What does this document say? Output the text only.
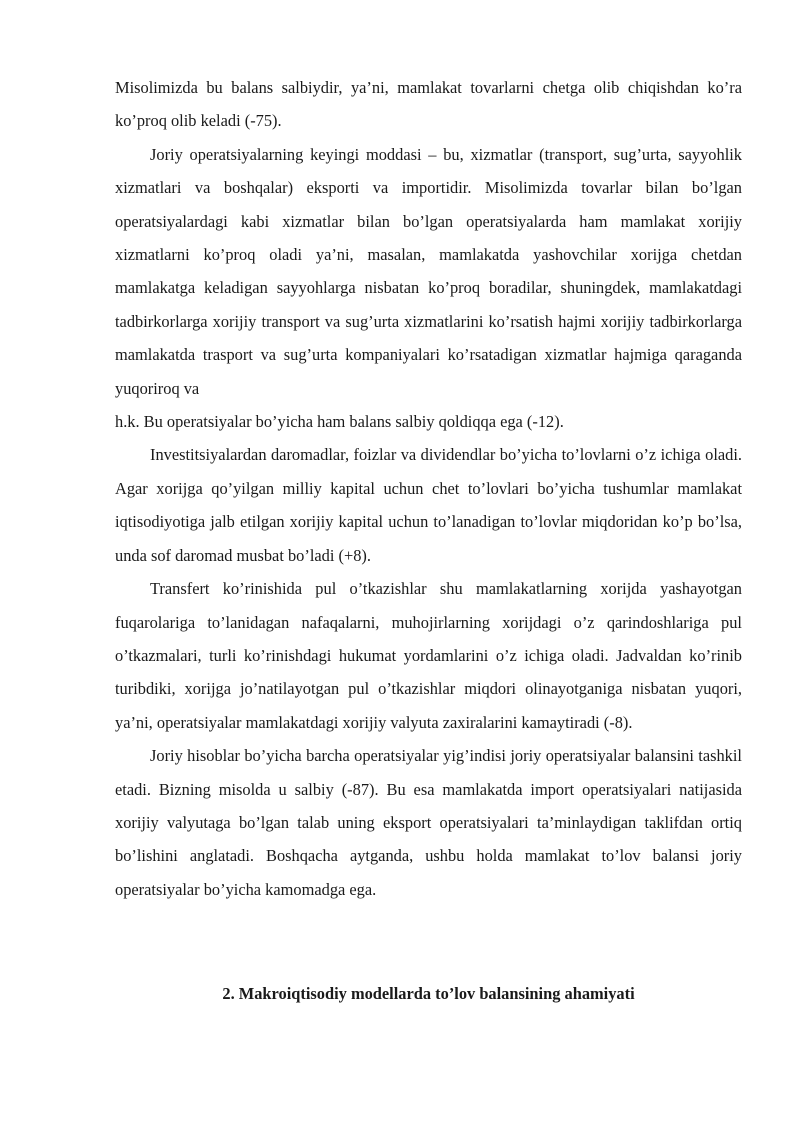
Misolimizda bu balans salbiydir, ya’ni, mamlakat tovarlarni chetga olib chiqishdan ko’ra ko’proq olib keladi (-75).

Joriy operatsiyalarning keyingi moddasi – bu, xizmatlar (transport, sug’urta, sayyohlik xizmatlari va boshqalar) eksporti va importidir. Misolimizda tovarlar bilan bo’lgan operatsiyalardagi kabi xizmatlar bilan bo’lgan operatsiyalarda ham mamlakat xorijiy xizmatlarni ko’proq oladi ya’ni, masalan, mamlakatda yashovchilar xorijga chetdan mamlakatga keladigan sayyohlarga nisbatan ko’proq boradilar, shuningdek, mamlakatdagi tadbirkorlarga xorijiy transport va sug’urta xizmatlarini ko’rsatish hajmi xorijiy tadbirkorlarga mamlakatda trasport va sug’urta kompaniyalari ko’rsatadigan xizmatlar hajmiga qaraganda yuqoriroq va

h.k. Bu operatsiyalar bo’yicha ham balans salbiy qoldiqqa ega (-12).

Investitsiyalardan daromadlar, foizlar va dividendlar bo’yicha to’lovlarni o’z ichiga oladi. Agar xorijga qo’yilgan milliy kapital uchun chet to’lovlari bo’yicha tushumlar mamlakat iqtisodiyotiga jalb etilgan xorijiy kapital uchun to’lanadigan to’lovlar miqdoridan ko’p bo’lsa, unda sof daromad musbat bo’ladi (+8).

Transfert ko’rinishida pul o’tkazishlar shu mamlakatlarning xorijda yashayotgan fuqarolariga to’lanidagan nafaqalarni, muhojirlarning xorijdagi o’z qarindoshlariga pul o’tkazmalari, turli ko’rinishdagi hukumat yordamlarini o’z ichiga oladi. Jadvaldan ko’rinib turibdiki, xorijga jo’natilayotgan pul o’tkazishlar miqdori olinayotganiga nisbatan yuqori, ya’ni, operatsiyalar mamlakatdagi xorijiy valyuta zaxiralarini kamaytiradi (-8).

Joriy hisoblar bo’yicha barcha operatsiyalar yig’indisi joriy operatsiyalar balansini tashkil etadi. Bizning misolda u salbiy (-87). Bu esa mamlakatda import operatsiyalari natijasida xorijiy valyutaga bo’lgan talab uning eksport operatsiyalari ta’minlaydigan taklifdan ortiq bo’lishini anglatadi. Boshqacha aytganda, ushbu holda mamlakat to’lov balansi joriy operatsiyalar bo’yicha kamomadga ega.

2. Makroiqtisodiy modellarda to’lov balansining ahamiyati
